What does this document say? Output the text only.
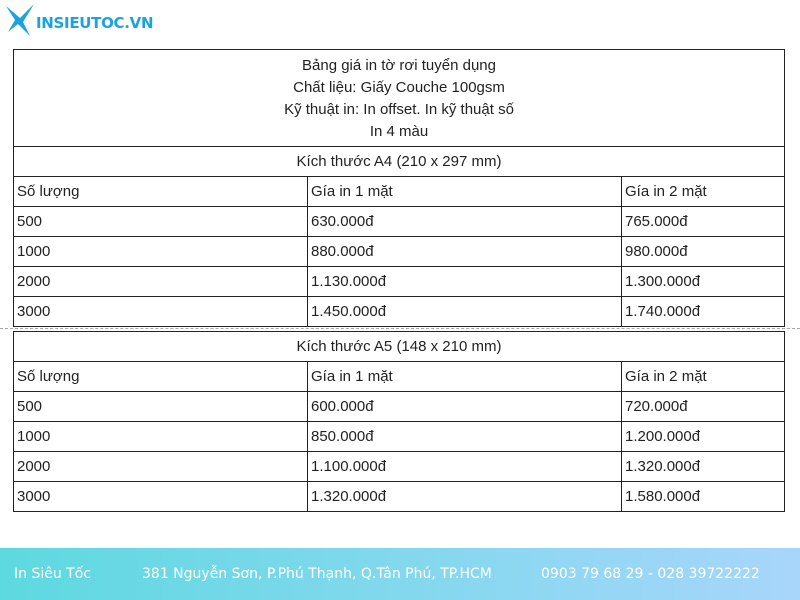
INSIEUTOC.VN
Bảng giá in tờ rơi tuyển dụng
Chất liệu: Giấy Couche 100gsm
Kỹ thuật in: In offset. In kỹ thuật số
In 4 màu		

Kích thước A4 (210 x 297 mm)		
Số lượng	Gía in 1 mặt	Gía in 2 mặt
500	630.000đ	765.000đ
1000	880.000đ	980.000đ
2000	1.130.000đ	1.300.000đ
3000	1.450.000đ	1.740.000đ
Kích thước A5 (148 x 210 mm)		
Số lượng	Gía in 1 mặt	Gía in 2 mặt
500	600.000đ	720.000đ
1000	850.000đ	1.200.000đ
2000	1.100.000đ	1.320.000đ
3000	1.320.000đ	1.580.000đ
In Siêu Tốc	381 Nguyễn Sơn, P.Phú Thạnh, Q.Tân Phú, TP.HCM	0903 79 68 29 - 028 39722222
